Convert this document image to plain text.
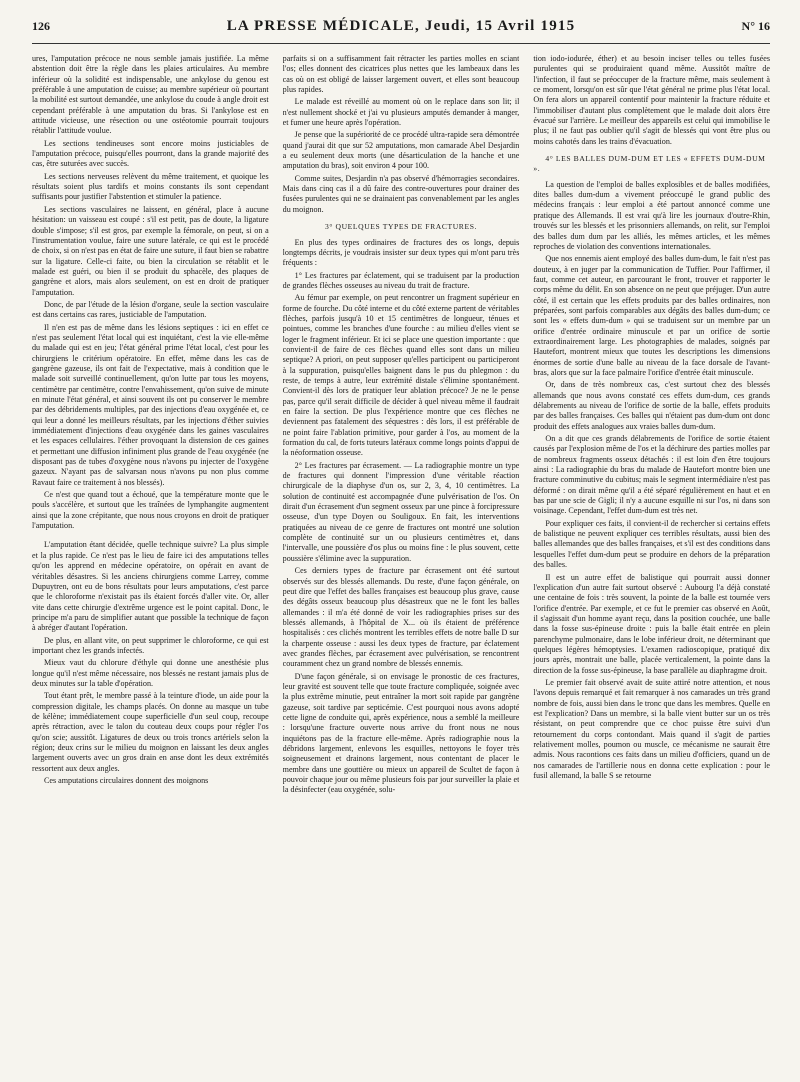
126	LA PRESSE MÉDICALE, Jeudi, 15 Avril 1915	N° 16

ures, l'amputation précoce ne nous semble jamais justifiée. La même abstention doit être la règle dans les plaies articulaires. Au membre inférieur où la solidité est indispensable, une ankylose du genou est préférable à une amputation de cuisse; au membre supérieur où pourtant la mobilité est surtout demandée, une ankylose du coude à angle droit est cependant préférable à une amputation du bras. Si l'ankylose est en attitude vicieuse, une résection ou une ostéotomie pourrait toujours rétablir l'attitude voulue.

Les sections tendineuses sont encore moins justiciables de l'amputation précoce, puisqu'elles pourront, dans la grande majorité des cas, être suturées avec succès.

Les sections nerveuses relèvent du même traitement, et quoique les résultats soient plus tardifs et moins constants ils sont cependant suffisants pour justifier l'abstention et stimuler la patience.

Les sections vasculaires ne laissent, en général, place à aucune hésitation: un vaisseau est coupé : s'il est petit, pas de doute, la ligature double s'impose; s'il est gros, par exemple la fémorale, on peut, si on a l'instrumentation voulue, faire une suture latérale, ce qui est le procédé de choix, si on n'est pas en état de faire une suture, il faut bien se rabattre sur la ligature. Celle-ci faite, ou bien la circulation se rétablit et le malade est guéri, ou bien il se produit du sphacèle, des plaques de gangrène et alors, mais alors seulement, on est en droit de pratiquer l'amputation.

Donc, de par l'étude de la lésion d'organe, seule la section vasculaire est dans certains cas rares, justiciable de l'amputation.

Il n'en est pas de même dans les lésions septiques : ici en effet ce n'est pas seulement l'état local qui est inquiétant, c'est la vie elle-même du malade qui est en jeu; l'état général prime l'état local, c'est pour les chirurgiens le critérium opératoire. En effet, même dans les cas de gangrène gazeuse, ils ont fait de l'expectative, mais à condition que le malade soit surveillé continuellement, qu'on lutte par tous les moyens, centimètre par centimètre, contre l'envahissement, qu'on suive de minute en minute l'état général, et ainsi souvent ils ont pu conserver le membre par des débridements multiples, par des injections d'eau oxygénée et, ce qui leur a donné les meilleurs résultats, par les injections d'éther suivies immédiatement d'injections d'eau oxygénée dans les gaines vasculaires et les espaces cellulaires. l'éther provoquant la distension de ces gaines et permettant une diffusion infiniment plus grande de l'eau oxygénée (ne disposant pas de tubes d'oxygène nous n'avons pu injecter de l'oxygène gazeux. N'ayant pas de salvarsan nous n'avons pu non plus comme Ravaut faire ce traitement à nos blessés).

Ce n'est que quand tout a échoué, que la température monte que le pouls s'accélère, et surtout que les traînées de lymphangite augmentent ainsi que la zone crépitante, que nous nous croyons en droit de pratiquer l'amputation.

L'amputation étant décidée, quelle technique suivre? La plus simple et la plus rapide. Ce n'est pas le lieu de faire ici des amputations telles qu'on les apprend en médecine opératoire, on opérait en avant de véritables désastres. Si les anciens chirurgiens comme Larrey, comme Dupuytren, ont eu de bons résultats pour leurs amputations, c'est parce que le chloroforme n'existait pas ils étaient forcés d'aller vite. Or, aller vite dans cette chirurgie d'extrême urgence est le point capital. Donc, le principe m'a paru de simplifier autant que possible la technique de façon à abréger d'autant l'opération.

De plus, en allant vite, on peut supprimer le chloroforme, ce qui est important chez les grands infectés.

Mieux vaut du chlorure d'éthyle qui donne une anesthésie plus longue qu'il n'est même nécessaire, nos blessés ne restant jamais plus de deux minutes sur la table d'opération.

Tout étant prêt, le membre passé à la teinture d'iode, un aide pour la compression digitale, les champs placés. On donne au masque un tube de kélène; immédiatement coupe superficielle d'un seul coup, recoupe après rétraction, avec le talon du couteau deux coups pour régler l'os qu'on scie; aussitôt. Ligatures de deux ou trois troncs artériels selon la région; deux crins sur le milieu du moignon en laissant les deux angles largement ouverts avec un gros drain en anse dont les deux extrémités ressortent aux deux angles.

Ces amputations circulaires donnent des moignons

parfaits si on a suffisamment fait rétracter les parties molles en sciant l'os; elles donnent des cicatrices plus nettes que les lambeaux dans les cas où on est obligé de laisser largement ouvert, et elles sont beaucoup plus rapides.

Le malade est réveillé au moment où on le replace dans son lit; il n'est nullement shocké et j'ai vu plusieurs amputés demander à manger, et fumer une heure après l'opération.

Je pense que la supériorité de ce procédé ultra-rapide sera démontrée quand j'aurai dit que sur 52 amputations, mon camarade Abel Desjardin a eu seulement deux morts (une désarticulation de la hanche et une amputation du bras), soit environ 4 pour 100.

Comme suites, Desjardin n'a pas observé d'hémorragies secondaires. Mais dans cinq cas il a dû faire des contre-ouvertures pour drainer des fusées purulentes qui ne se drainaient pas convenablement par les angles du moignon.

3° QUELQUES TYPES DE FRACTURES.

En plus des types ordinaires de fractures des os longs, depuis longtemps décrits, je voudrais insister sur deux types qui m'ont paru très fréquents :

1° Les fractures par éclatement, qui se traduisent par la production de grandes flèches osseuses au niveau du trait de fracture.

Au fémur par exemple, on peut rencontrer un fragment supérieur en forme de fourche. Du côté interne et du côté externe partent de véritables flèches, parfois jusqu'à 10 et 15 centimètres de longueur, ténues et pointues, comme les branches d'une fourche : au milieu d'elles vient se loger le fragment inférieur. Et ici se place une question importante : que convient-il de faire de ces flèches quand elles sont dans un milieu septique? A priori, on peut supposer qu'elles participent ou participeront à la suppuration, puisqu'elles baignent dans le pus du phlegmon : du reste, de temps à autre, leur extrémité distale s'élimine spontanément. Convient-il dès lors de pratiquer leur ablation précoce? Je ne le pense pas, parce qu'il serait difficile de décider à quel niveau même il faudrait en faire la section. De plus l'expérience montre que ces flèches ne deviennent pas fatalement des séquestres : dès lors, il est préférable de ne point faire l'ablation primitive, pour garder à l'os, au moment de la formation du cal, de forts tuteurs latéraux comme longs points d'appui de la néoformation osseuse.

2° Les fractures par écrasement. — La radiographie montre un type de fractures qui donnent l'impression d'une véritable réaction chirurgicale de la diaphyse d'un os, sur 2, 3, 4, 10 centimètres. La solution de continuité est accompagnée d'une pulvérisation de l'os. On dirait d'un écrasement d'un segment osseux par une pince à forcipressure osseuse, d'un type Doyen ou Souligoux. En fait, les interventions pratiquées au niveau de ce genre de fractures ont montré une solution complète de continuité sur un ou plusieurs centimètres et, dans l'intervalle, une poussière d'os plus ou moins fine : le plus souvent, cette poussière s'élimine avec la suppuration.

Ces derniers types de fracture par écrasement ont été surtout observés sur des blessés allemands. Du reste, d'une façon générale, on peut dire que l'effet des balles françaises est beaucoup plus grave, cause des dégâts osseux beaucoup plus désastreux que ne le font les balles allemandes : il m'a été donné de voir les radiographies prises sur des blessés allemands, à l'hôpital de X... où ils étaient de préférence hospitalisés : ces clichés montrent les terribles effets de notre balle D sur la charpente osseuse : aussi les deux types de fracture, par éclatement avec grandes flèches, par écrasement avec pulvérisation, se rencontrent couramment chez un grand nombre de blessés ennemis.

D'une façon générale, si on envisage le pronostic de ces fractures, leur gravité est souvent telle que toute fracture compliquée, soignée avec la plus extrême minutie, peut entraîner la mort soit rapide par gangrène gazeuse, soit tardive par septicémie. C'est pourquoi nous avons adopté cette ligne de conduite qui, après expérience, nous a semblé la meilleure : lorsqu'une fracture ouverte nous arrive du front nous ne nous inquiétons pas de la fracture elle-même. Après radiographie nous la débridons largement, enlevons les esquilles, nettoyons le foyer très soigneusement et drainons largement, nous contentant de placer le membre dans une gouttière ou mieux un appareil de Scultet de façon à pouvoir chaque jour ou même plusieurs fois par jour surveiller la plaie et la désinfecter (eau oxygénée, solu-

tion iodo-iodurée, éther) et au besoin inciser telles ou telles fusées purulentes qui se produiraient quand même. Aussitôt maître de l'infection, il faut se préoccuper de la fracture même, mais seulement à ce moment, lorsqu'on est sûr que l'état général ne prime plus l'état local. On fera alors un appareil contentif pour maintenir la fracture réduite et l'immobiliser d'autant plus complètement que le malade doit alors être évacué sur l'arrière. Le meilleur des appareils est celui qui immobilise le plus; il ne faut pas oublier qu'il s'agit de blessés qui vont être plus ou moins cahotés dans les trains d'évacuation.

4° LES BALLES DUM-DUM ET LES « EFFETS DUM-DUM ».

La question de l'emploi de balles explosibles et de balles modifiées, dites balles dum-dum a vivement préoccupé le grand public des médecins français : leur emploi a été partout annoncé comme une pratique des Allemands. Il est vrai qu'à lire les journaux d'outre-Rhin, trouvés sur les blessés et les prisonniers allemands, on relit, sur l'emploi des balles dum dum par les alliés, les mêmes articles, et les mêmes reproches de violation des conventions internationales.

Que nos ennemis aient employé des balles dum-dum, le fait n'est pas douteux, à en juger par la communication de Tuffier. Pour l'affirmer, il faut, comme cet auteur, en parcourant le front, trouver et rapporter le corps même du délit. En son absence on ne peut que préjuger. D'un autre côté, il est certain que les effets produits par des balles ordinaires, non préparées, sont parfois comparables aux dégâts des balles dum-dum; ce sont les « effets dum-dum » qui se traduisent sur un membre par un orifice d'entrée ordinaire minuscule et par un orifice de sortie extraordinairement large. Les photographies de malades, soignés par Hautefort, montrent mieux que toutes les descriptions les dimensions énormes de sortie d'une balle au niveau de la face dorsale de l'avant-bras, alors que sur la face palmaire l'orifice d'entrée était minuscule.

Or, dans de très nombreux cas, c'est surtout chez des blessés allemands que nous avons constaté ces effets dum-dum, ces grands délabrements au niveau de l'orifice de sortie de la balle, effets produits par des balles françaises. Ces balles qui n'étaient pas dum-dum ont donc produit des effets analogues aux vraies balles dum-dum.

On a dit que ces grands délabrements de l'orifice de sortie étaient causés par l'explosion même de l'os et la déchirure des parties molles par de nombreux fragments osseux détachés : il est loin d'en être toujours ainsi : La radiographie du bras du malade de Hautefort montre bien une fracture comminutive du cubitus; mais le segment intermédiaire n'est pas déformé : on dirait même qu'il a été séparé régulièrement en haut et en bas par une scie de Gigli; il n'y a aucune esquille ni sur l'os, ni dans son voisinage. Cependant, l'effet dum-dum est très net.

Pour expliquer ces faits, il convient-il de rechercher si certains effets de balistique ne peuvent expliquer ces terribles résultats, aussi bien des balles allemandes que des balles françaises, et s'il est des conditions dans lesquelles l'effet dum-dum peut se produire en dehors de la préparation des balles.

Il est un autre effet de balistique qui pourrait aussi donner l'explication d'un autre fait surtout observé : Aubourg l'a déjà constaté une centaine de fois : très souvent, la pointe de la balle est tournée vers l'orifice d'entrée. Par exemple, et ce fut le premier cas observé en Août, il s'agissait d'un homme ayant reçu, dans la position couchée, une balle dans la fosse sus-épineuse droite : puis la balle était entrée en plein parenchyme pulmonaire, dans le lobe inférieur droit, ne déterminant que quelques légères hémoptysies. L'examen radioscopique, pratiqué dix jours après, montrait une balle, placée verticalement, la pointe dans la direction de la fosse sus-épineuse, la base parallèle au diaphragme droit.

Le premier fait observé avait de suite attiré notre attention, et nous l'avons depuis remarqué et fait remarquer à nos camarades un très grand nombre de fois, aussi bien dans le tronc que dans les membres. Quelle en est l'explication? Dans un membre, si la balle vient butter sur un os très résistant, on peut comprendre que ce choc puisse être suivi d'un retournement du corps contondant. Mais quand il s'agit de parties relativement molles, poumon ou muscle, ce mécanisme ne saurait être admis. Nous racontions ces faits dans un milieu d'officiers, quand un de nos camarades de l'artillerie nous en donna cette explication : pour le fusil allemand, la balle S se retourne
